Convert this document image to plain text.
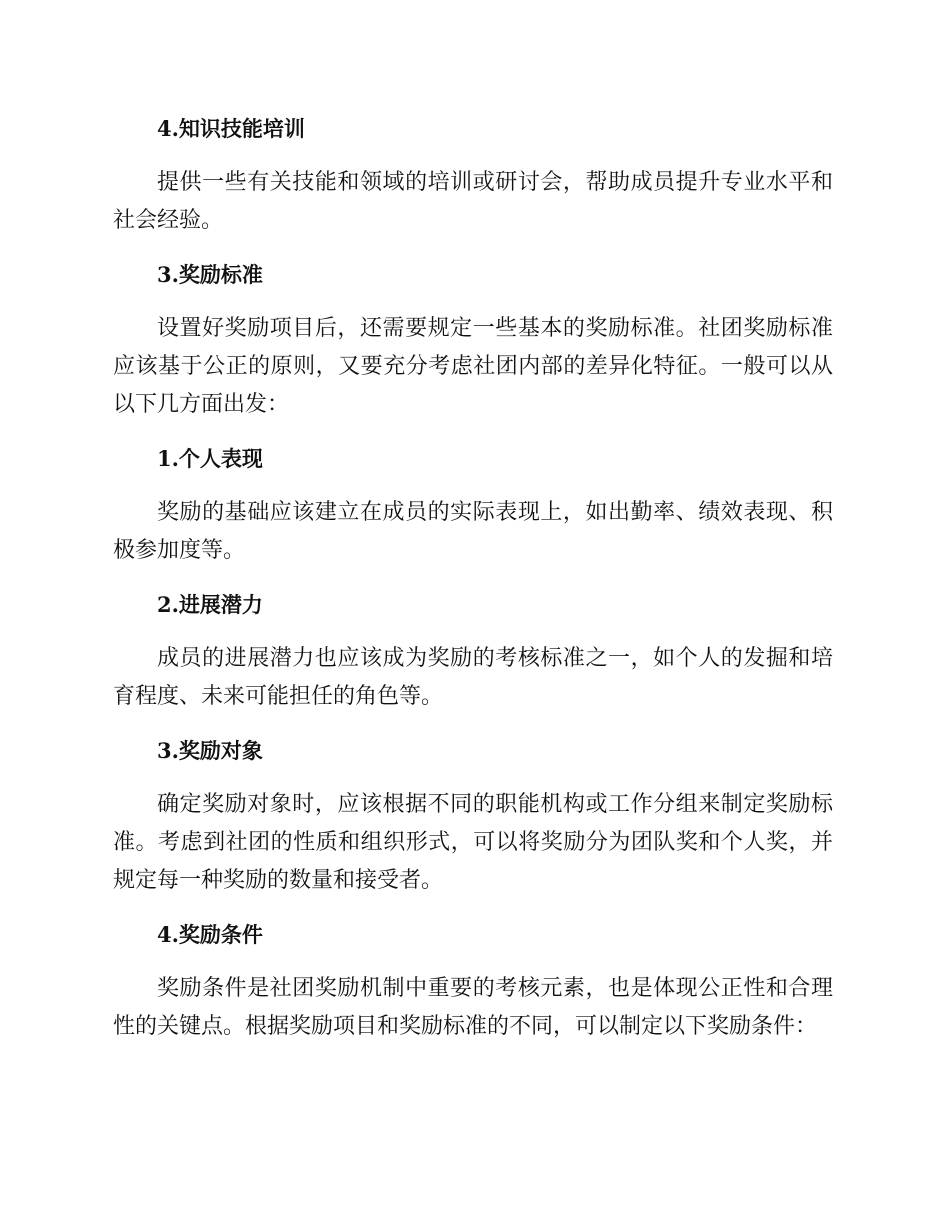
4.知识技能培训

提供一些有关技能和领域的培训或研讨会，帮助成员提升专业水平和社会经验。

3.奖励标准

设置好奖励项目后，还需要规定一些基本的奖励标准。社团奖励标准应该基于公正的原则，又要充分考虑社团内部的差异化特征。一般可以从以下几方面出发：

1.个人表现

奖励的基础应该建立在成员的实际表现上，如出勤率、绩效表现、积极参加度等。

2.进展潜力

成员的进展潜力也应该成为奖励的考核标准之一，如个人的发掘和培育程度、未来可能担任的角色等。

3.奖励对象

确定奖励对象时，应该根据不同的职能机构或工作分组来制定奖励标准。考虑到社团的性质和组织形式，可以将奖励分为团队奖和个人奖，并规定每一种奖励的数量和接受者。

4.奖励条件

奖励条件是社团奖励机制中重要的考核元素，也是体现公正性和合理性的关键点。根据奖励项目和奖励标准的不同，可以制定以下奖励条件：
